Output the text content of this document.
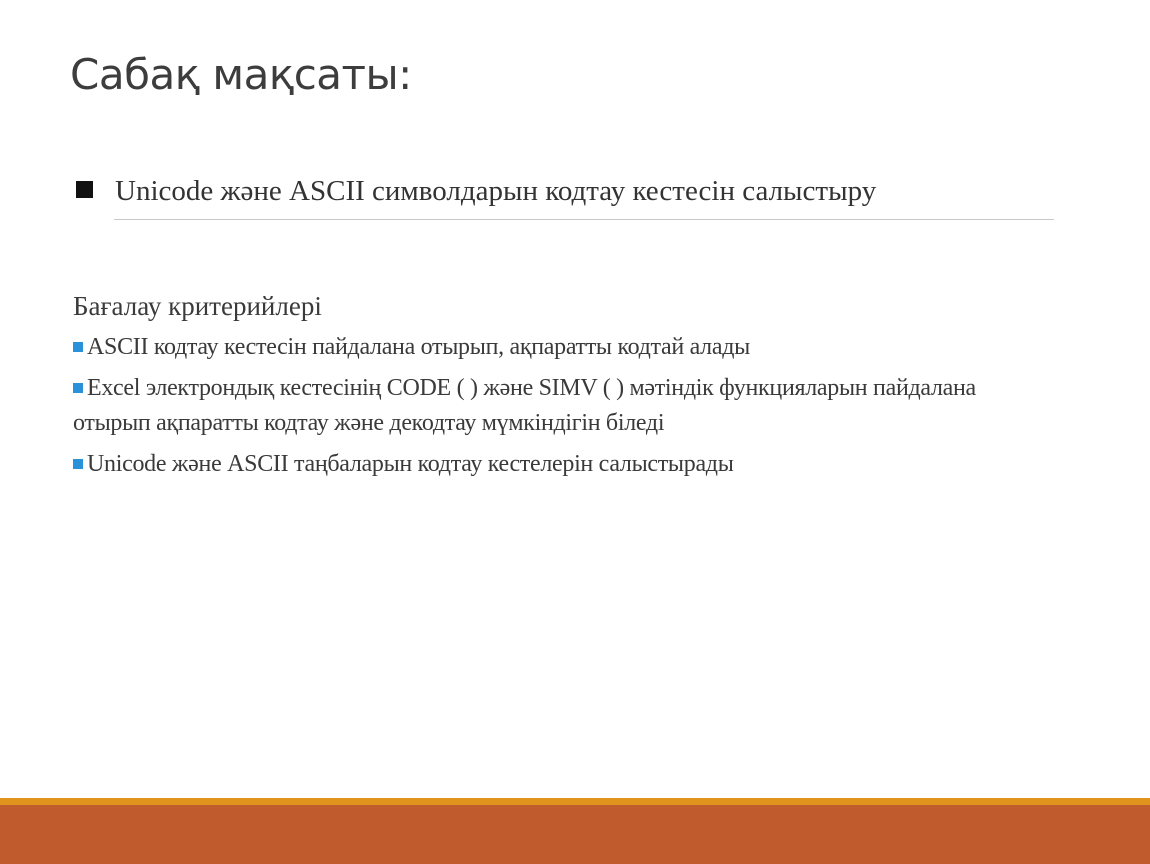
Сабақ мақсаты:
Unicode және ASCII символдарын кодтау кестесін салыстыру
Бағалау критерийлері
ASCII кодтау кестесін пайдалана отырып, ақпаратты кодтай алады
Excel электрондық кестесінің CODE ( ) және SIMV ( ) мәтіндік функцияларын пайдалана отырып ақпаратты кодтау және декодтау мүмкіндігін біледі
Unicode және ASCII таңбаларын кодтау кестелерін салыстырады
